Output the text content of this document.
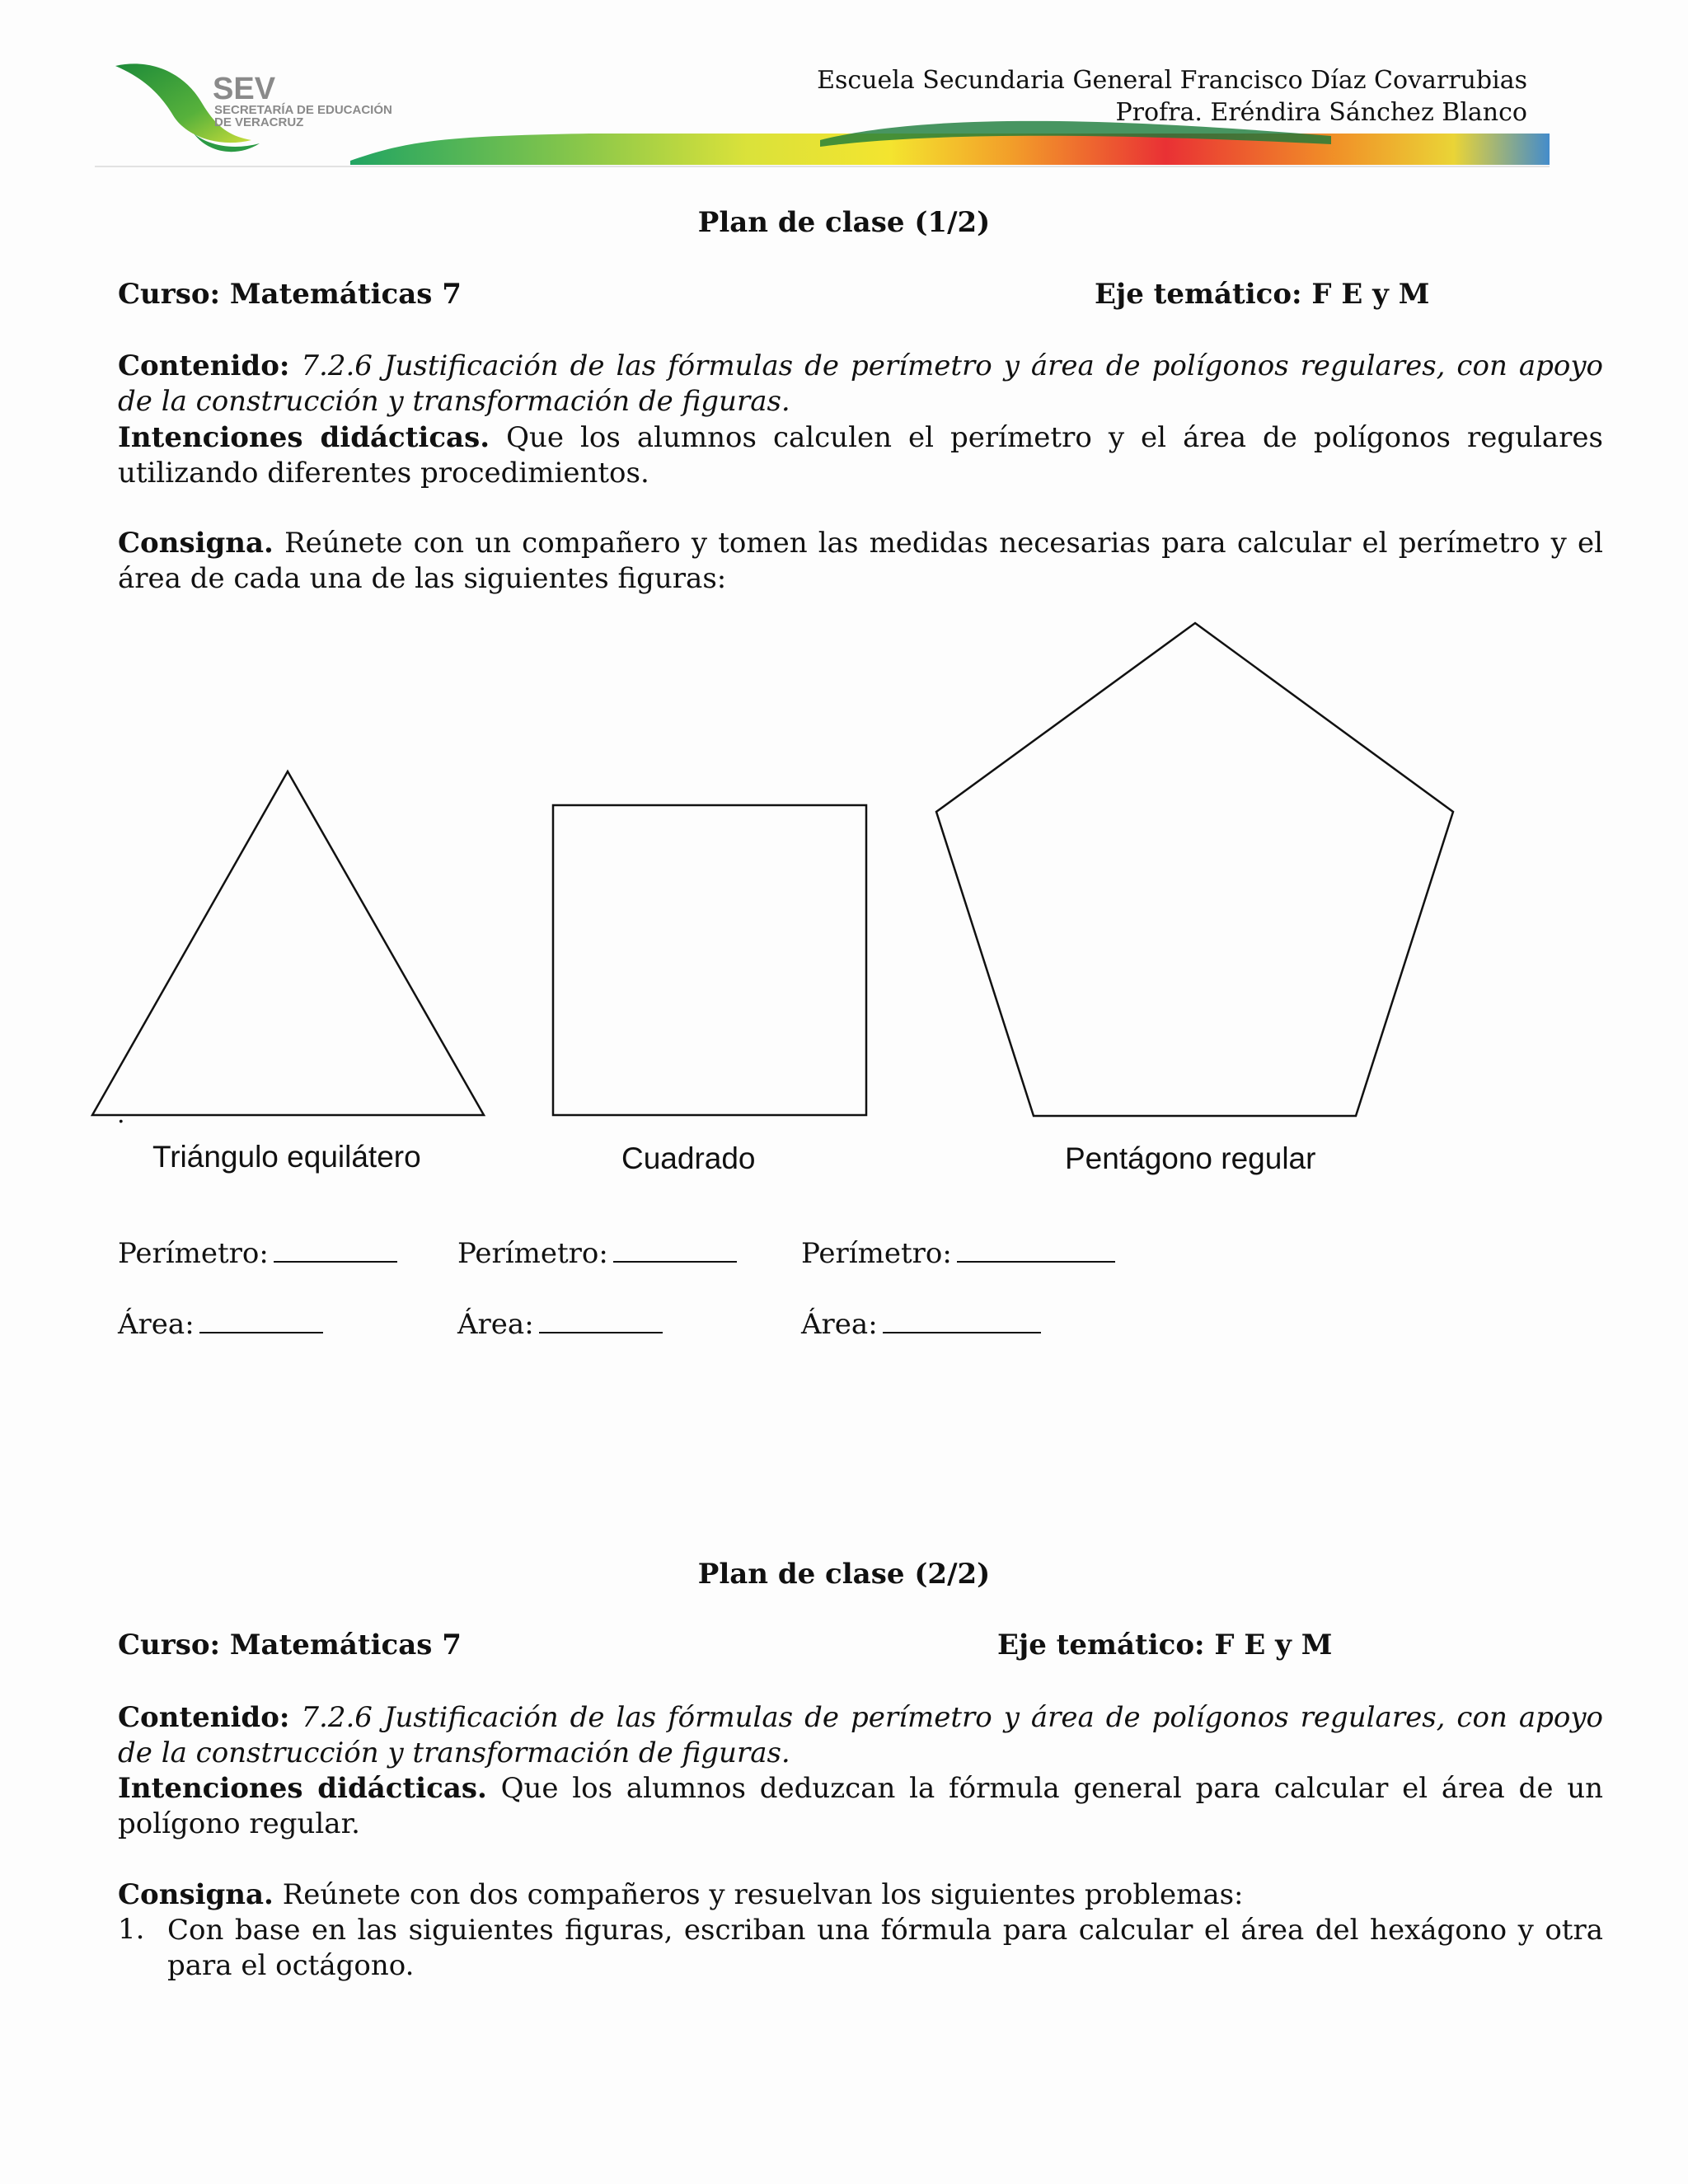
SEV
SECRETARÍA DE EDUCACIÓN
DE VERACRUZ
Escuela Secundaria General Francisco Díaz Covarrubias
Profra. Eréndira Sánchez Blanco
Plan de clase (1/2)
Curso: Matemáticas 7	Eje temático: F E y M
Contenido: 7.2.6 Justificación de las fórmulas de perímetro y área de polígonos regulares, con apoyo de la construcción y transformación de figuras.
Intenciones didácticas. Que los alumnos calculen el perímetro y el área de polígonos regulares utilizando diferentes procedimientos.
Consigna. Reúnete con un compañero y tomen las medidas necesarias para calcular el perímetro y el área de cada una de las siguientes figuras:
.
Triángulo equilátero	Cuadrado	Pentágono regular
Perímetro:	Perímetro:	Perímetro:
Área:	Área:	Área:
Plan de clase (2/2)
Curso: Matemáticas 7	Eje temático: F E y M
Contenido: 7.2.6 Justificación de las fórmulas de perímetro y área de polígonos regulares, con apoyo de la construcción y transformación de figuras.
Intenciones didácticas. Que los alumnos deduzcan la fórmula general para calcular el área de un polígono regular.
Consigna. Reúnete con dos compañeros y resuelvan los siguientes problemas:
1. Con base en las siguientes figuras, escriban una fórmula para calcular el área del hexágono y otra para el octágono.
